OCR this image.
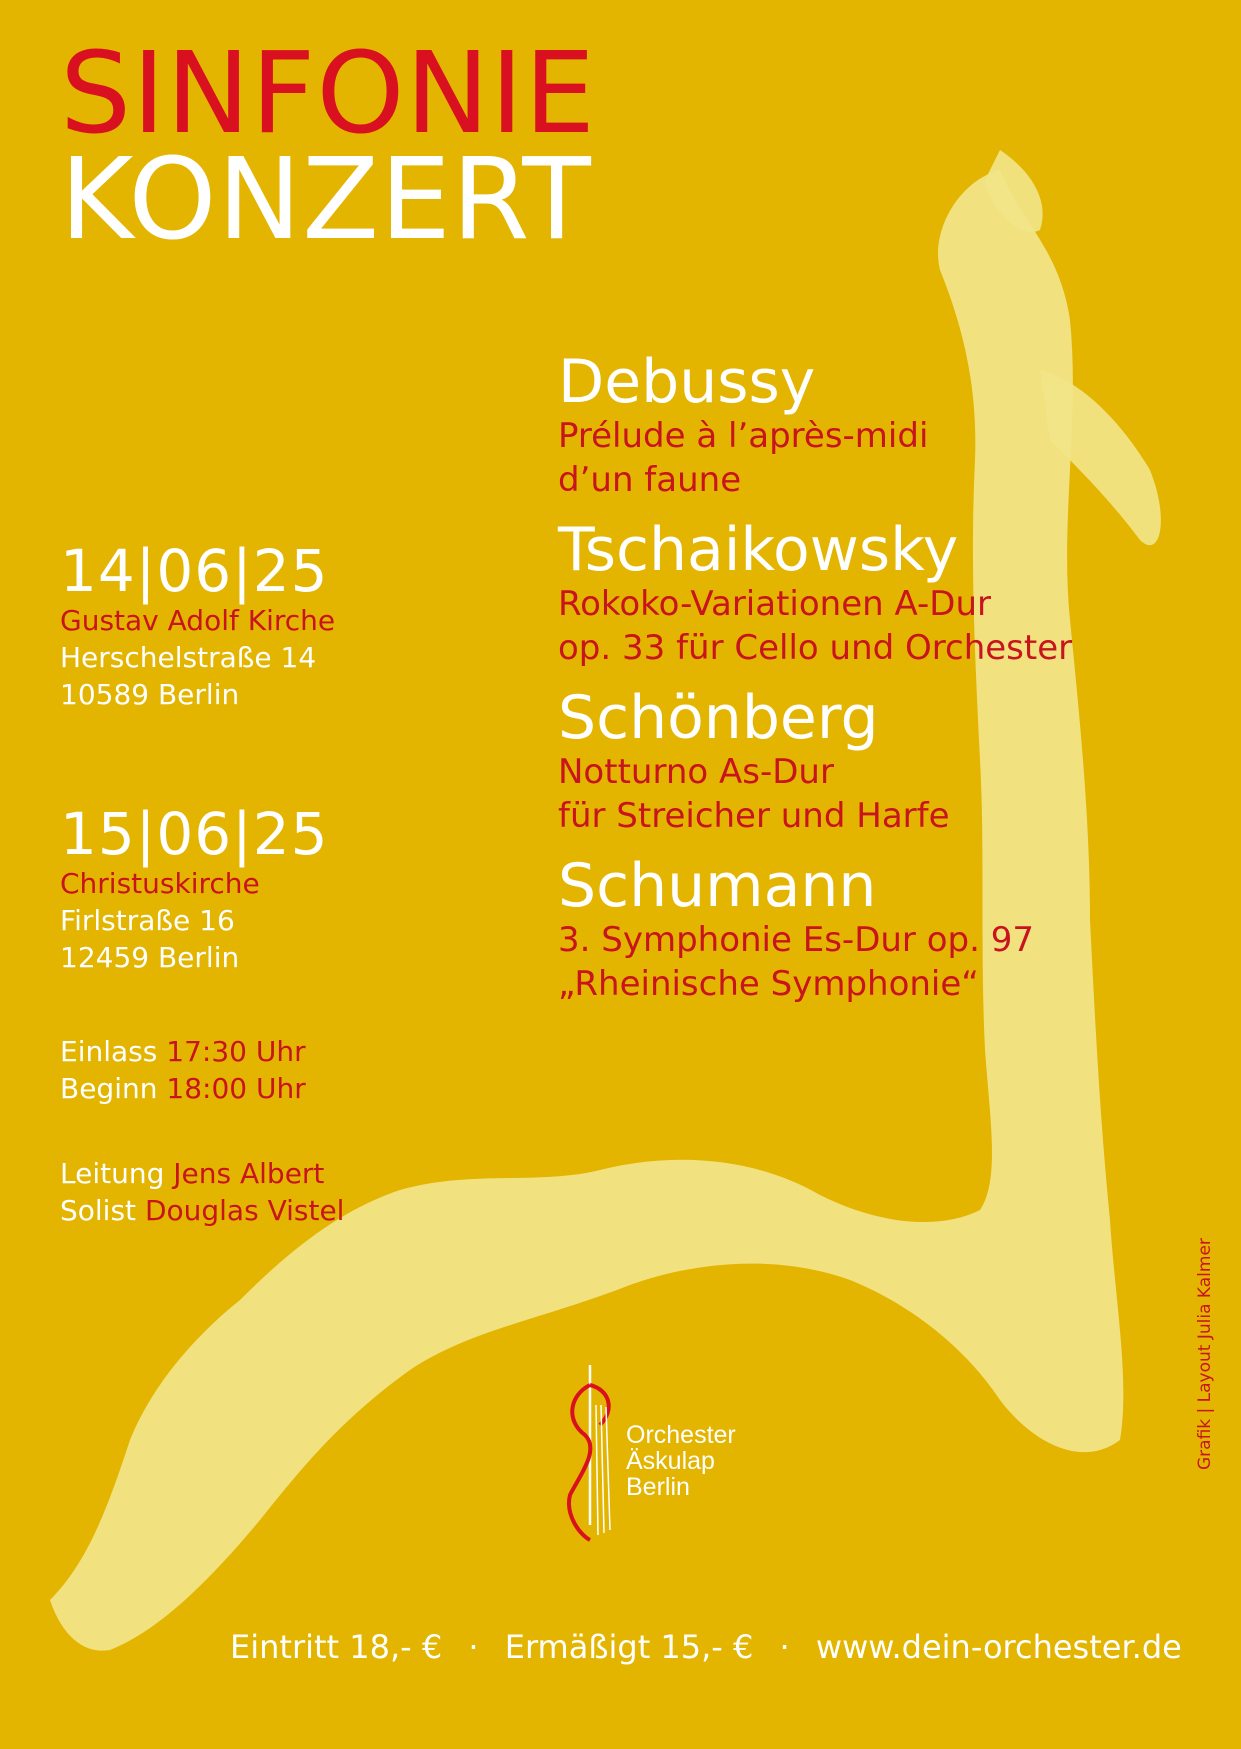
SINFONIE
KONZERT
14|06|25
Gustav Adolf Kirche
Herschelstraße 14
10589 Berlin
15|06|25
Christuskirche
Firlstraße 16
12459 Berlin
Einlass 17:30 Uhr
Beginn 18:00 Uhr
Leitung Jens Albert
Solist Douglas Vistel
Debussy
Prélude à l’après-midi
d’un faune
Tschaikowsky
Rokoko-Variationen A-Dur
op. 33 für Cello und Orchester
Schönberg
Notturno As-Dur
für Streicher und Harfe
Schumann
3. Symphonie Es-Dur op. 97
„Rheinische Symphonie“
Orchester
Äskulap
Berlin
Grafik | Layout Julia Kalmer
Eintritt 18,- € · Ermäßigt 15,- € · www.dein-orchester.de
